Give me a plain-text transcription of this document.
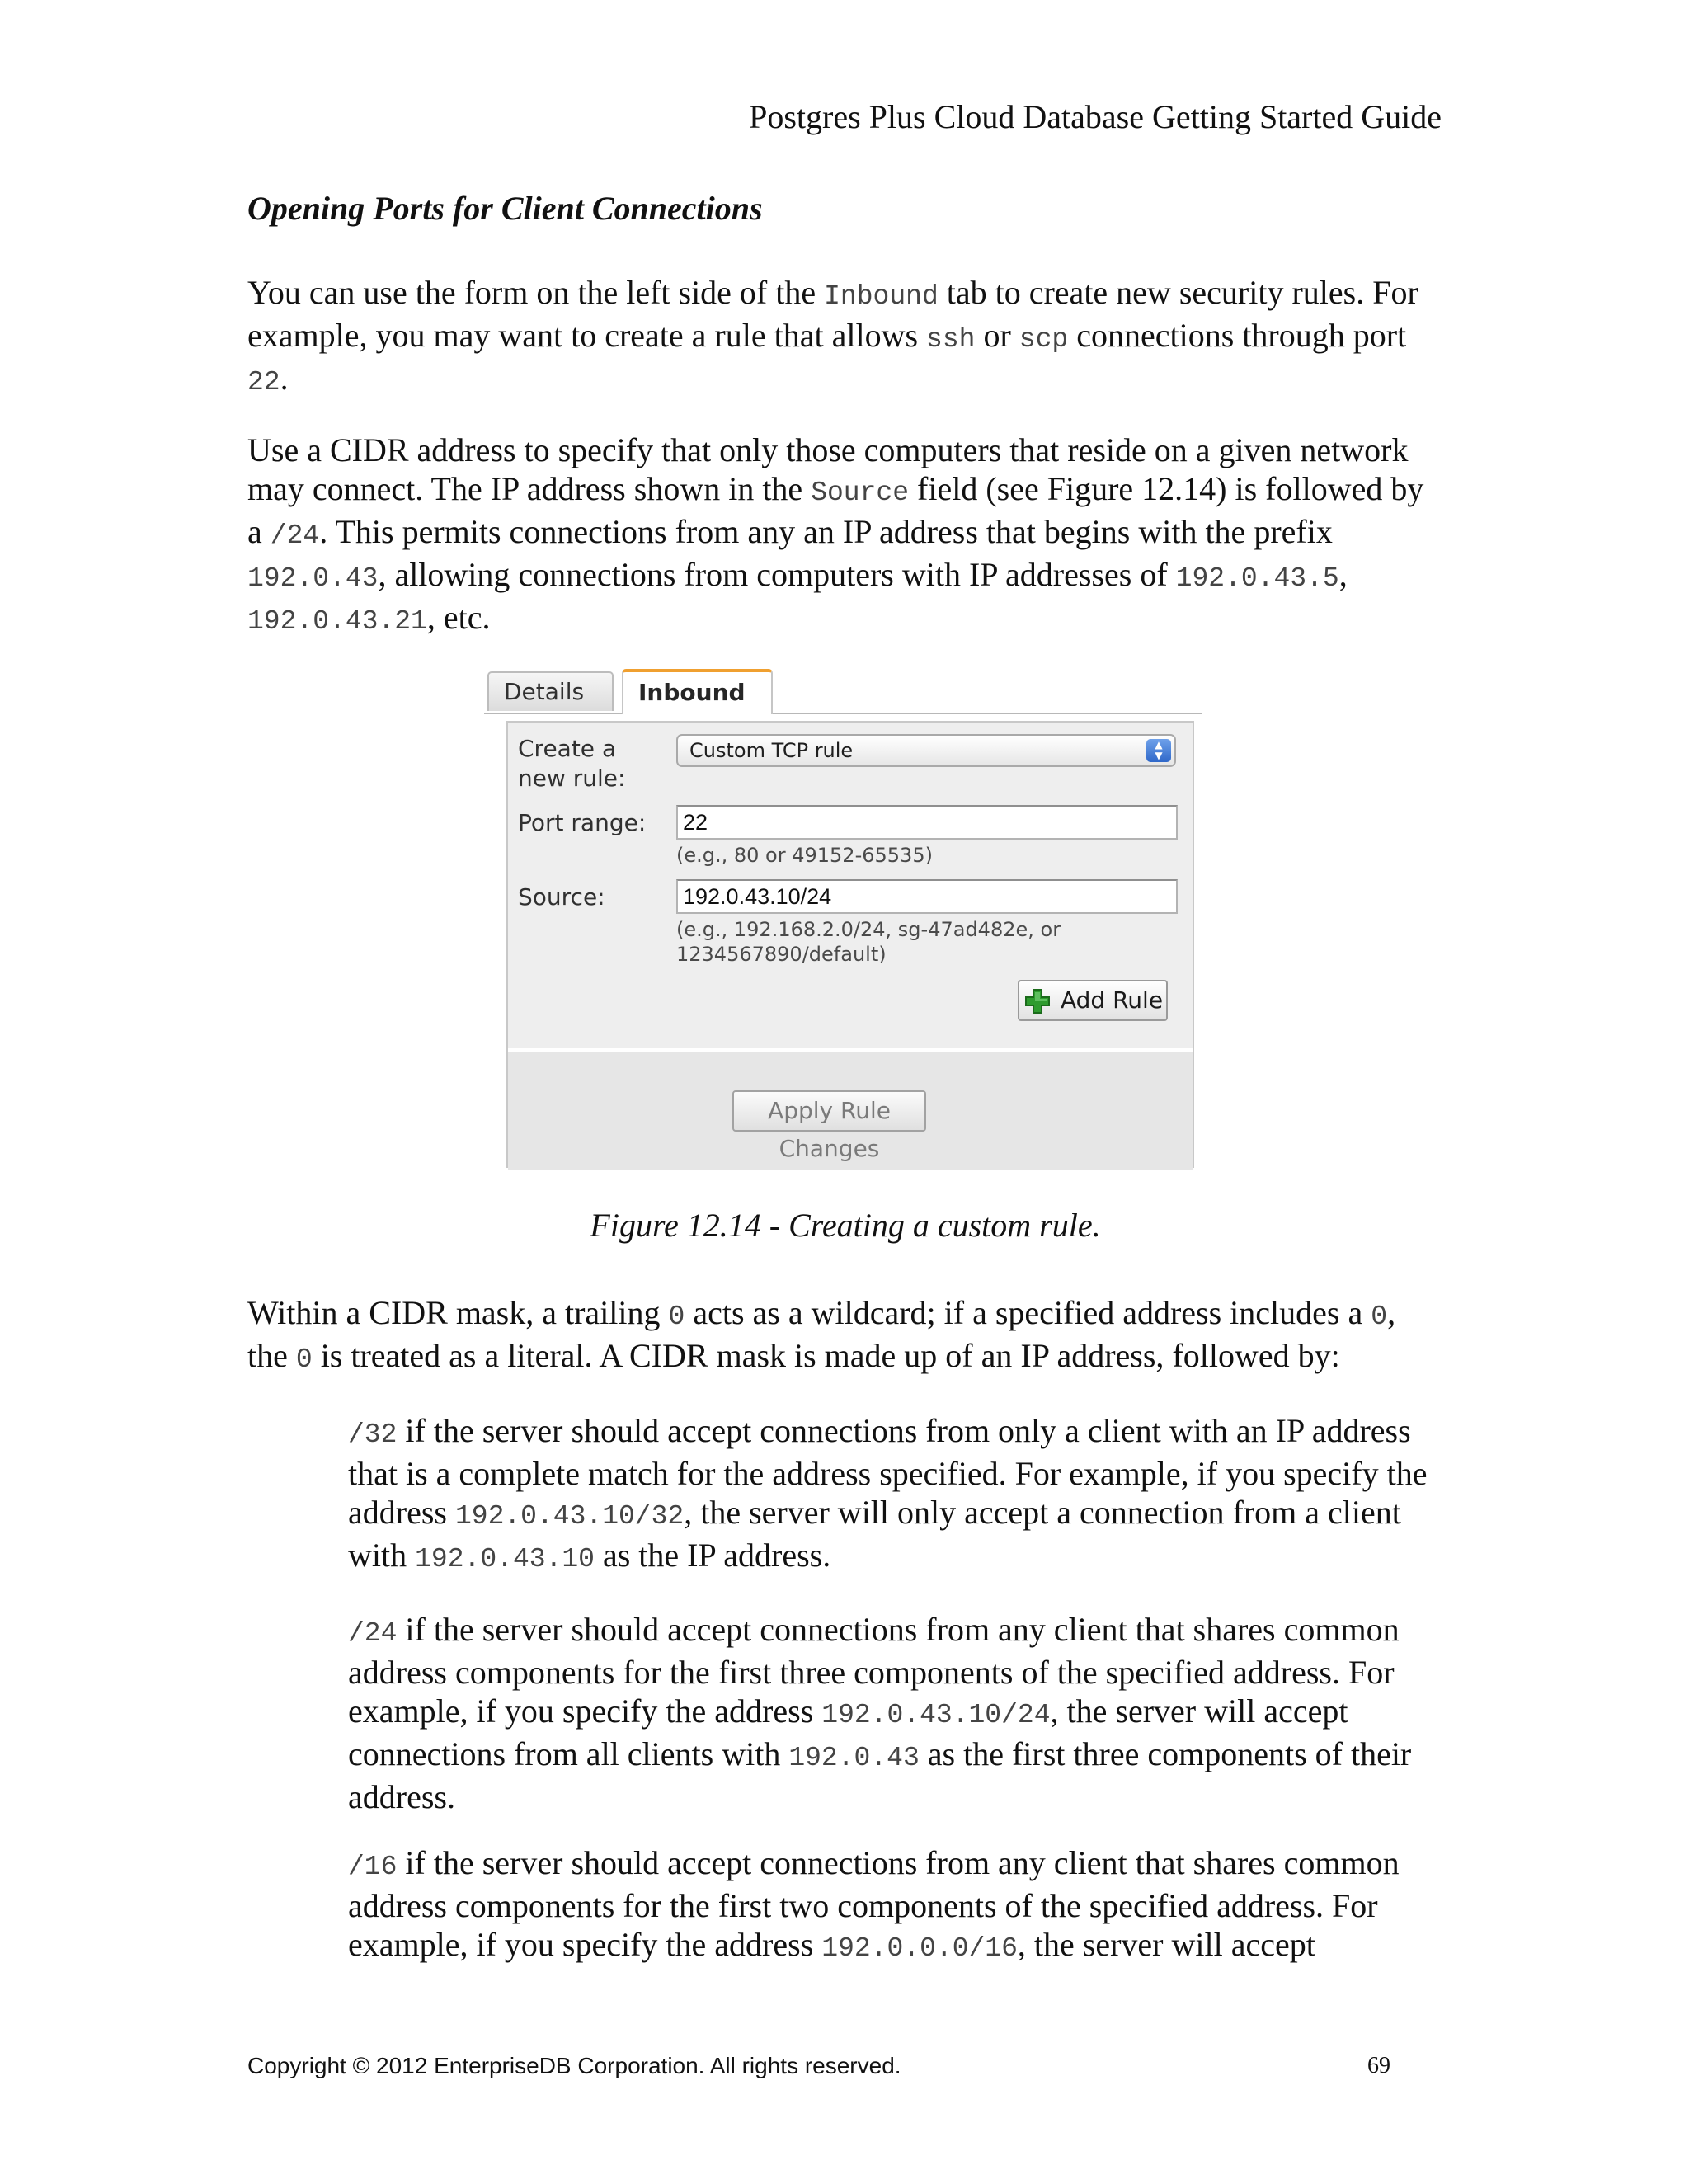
Postgres Plus Cloud Database Getting Started Guide
Opening Ports for Client Connections
You can use the form on the left side of the Inbound tab to create new security rules. For example, you may want to create a rule that allows ssh or scp connections through port 22.
Use a CIDR address to specify that only those computers that reside on a given network may connect. The IP address shown in the Source field (see Figure 12.14) is followed by a /24. This permits connections from any an IP address that begins with the prefix 192.0.43, allowing connections from computers with IP addresses of 192.0.43.5, 192.0.43.21, etc.
Details	Inbound
Create a
new rule:
Custom TCP rule	▲
▼
Port range: 22
(e.g., 80 or 49152-65535)
Source:	192.0.43.10/24
(e.g., 192.168.2.0/24, sg-47ad482e, or
1234567890/default)
Add Rule
Apply Rule Changes
Figure 12.14 - Creating a custom rule.
Within a CIDR mask, a trailing 0 acts as a wildcard; if a specified address includes a 0, the 0 is treated as a literal. A CIDR mask is made up of an IP address, followed by:
/32 if the server should accept connections from only a client with an IP address that is a complete match for the address specified. For example, if you specify the address 192.0.43.10/32, the server will only accept a connection from a client with 192.0.43.10 as the IP address.
/24 if the server should accept connections from any client that shares common address components for the first three components of the specified address. For example, if you specify the address 192.0.43.10/24, the server will accept connections from all clients with 192.0.43 as the first three components of their address.
/16 if the server should accept connections from any client that shares common address components for the first two components of the specified address. For example, if you specify the address 192.0.0.0/16, the server will accept
Copyright © 2012 EnterpriseDB Corporation. All rights reserved.	69
